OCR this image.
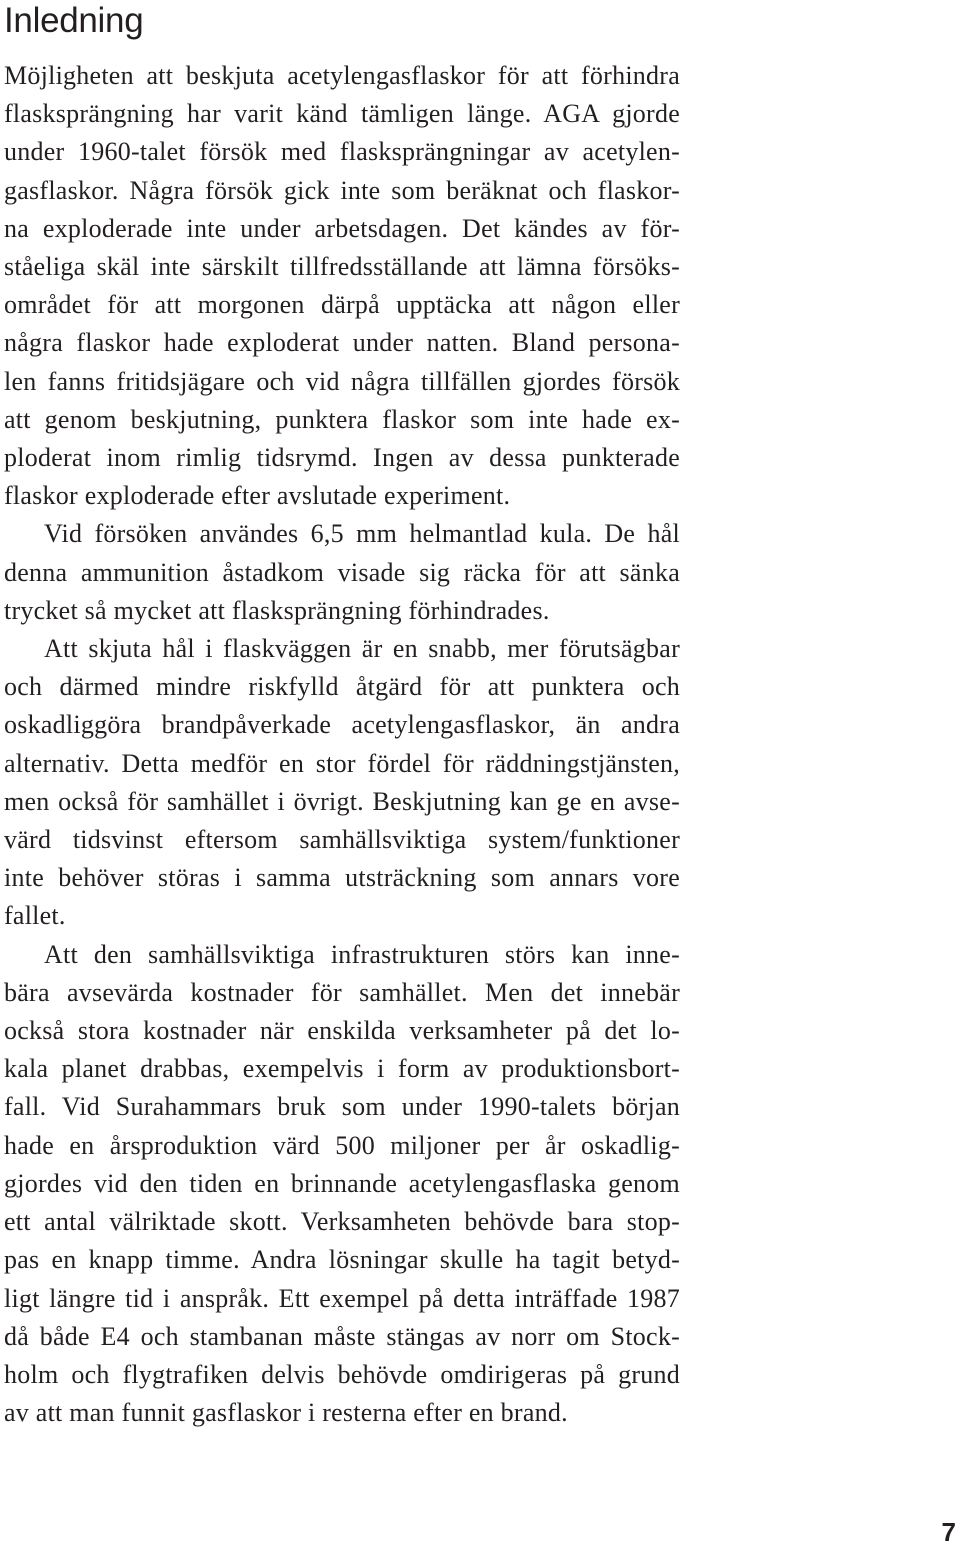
Inledning
Möjligheten att beskjuta acetylengasflaskor för att förhindra
flasksprängning har varit känd tämligen länge. AGA gjorde
under 1960-talet försök med flasksprängningar av acetylen-
gasflaskor. Några försök gick inte som beräknat och flaskor-
na exploderade inte under arbetsdagen. Det kändes av för-
ståeliga skäl inte särskilt tillfredsställande att lämna försöks-
området för att morgonen därpå upptäcka att någon eller
några flaskor hade exploderat under natten. Bland persona-
len fanns fritidsjägare och vid några tillfällen gjordes försök
att genom beskjutning, punktera flaskor som inte hade ex-
ploderat inom rimlig tidsrymd. Ingen av dessa punkterade
flaskor exploderade efter avslutade experiment.
Vid försöken användes 6,5 mm helmantlad kula. De hål
denna ammunition åstadkom visade sig räcka för att sänka
trycket så mycket att flasksprängning förhindrades.
Att skjuta hål i flaskväggen är en snabb, mer förutsägbar
och därmed mindre riskfylld åtgärd för att punktera och
oskadliggöra brandpåverkade acetylengasflaskor, än andra
alternativ. Detta medför en stor fördel för räddningstjänsten,
men också för samhället i övrigt. Beskjutning kan ge en avse-
värd tidsvinst eftersom samhällsviktiga system/funktioner
inte behöver störas i samma utsträckning som annars vore
fallet.
Att den samhällsviktiga infrastrukturen störs kan inne-
bära avsevärda kostnader för samhället. Men det innebär
också stora kostnader när enskilda verksamheter på det lo-
kala planet drabbas, exempelvis i form av produktionsbort-
fall. Vid Surahammars bruk som under 1990-talets början
hade en årsproduktion värd 500 miljoner per år oskadlig-
gjordes vid den tiden en brinnande acetylengasflaska genom
ett antal välriktade skott. Verksamheten behövde bara stop-
pas en knapp timme. Andra lösningar skulle ha tagit betyd-
ligt längre tid i anspråk. Ett exempel på detta inträffade 1987
då både E4 och stambanan måste stängas av norr om Stock-
holm och flygtrafiken delvis behövde omdirigeras på grund
av att man funnit gasflaskor i resterna efter en brand.
7
